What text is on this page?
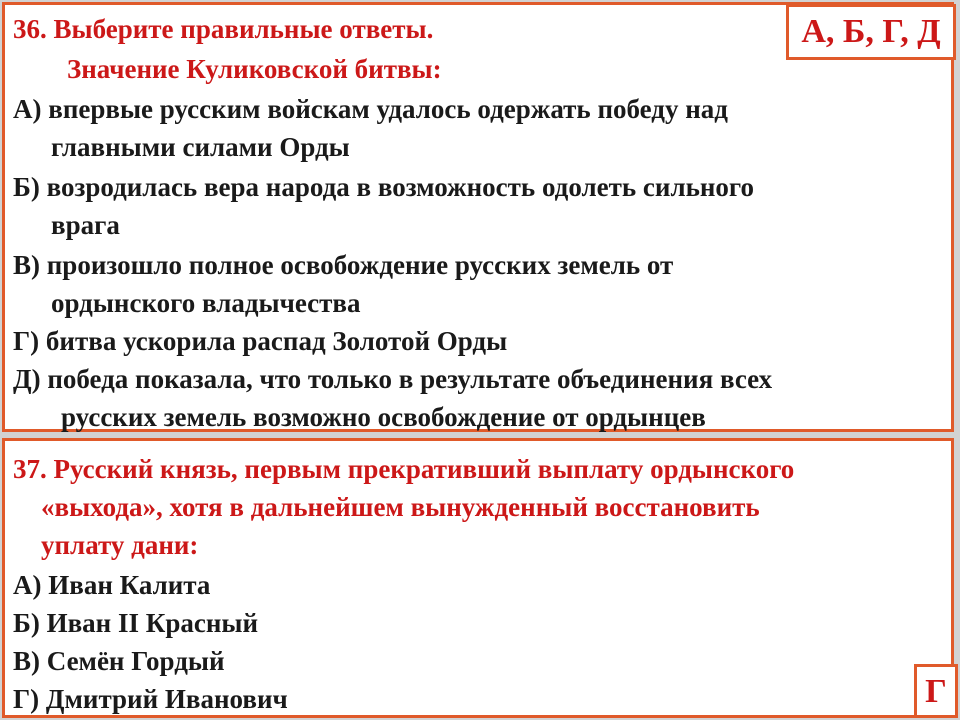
36. Выберите правильные ответы.

Значение Куликовской битвы:

А) впервые русским войскам удалось одержать победу над

главными силами Орды

Б) возродилась вера народа в возможность одолеть сильного

врага

В) произошло полное освобождение русских земель от

ордынского владычества

Г) битва ускорила распад Золотой Орды

Д) победа показала, что только в результате объединения всех

русских земель возможно освобождение от ордынцев

А, Б, Г, Д

37. Русский князь, первым прекративший выплату ордынского

«выхода», хотя в дальнейшем вынужденный восстановить

уплату дани:

А) Иван Калита

Б) Иван II Красный

В) Семён Гордый

Г) Дмитрий Иванович	Г
